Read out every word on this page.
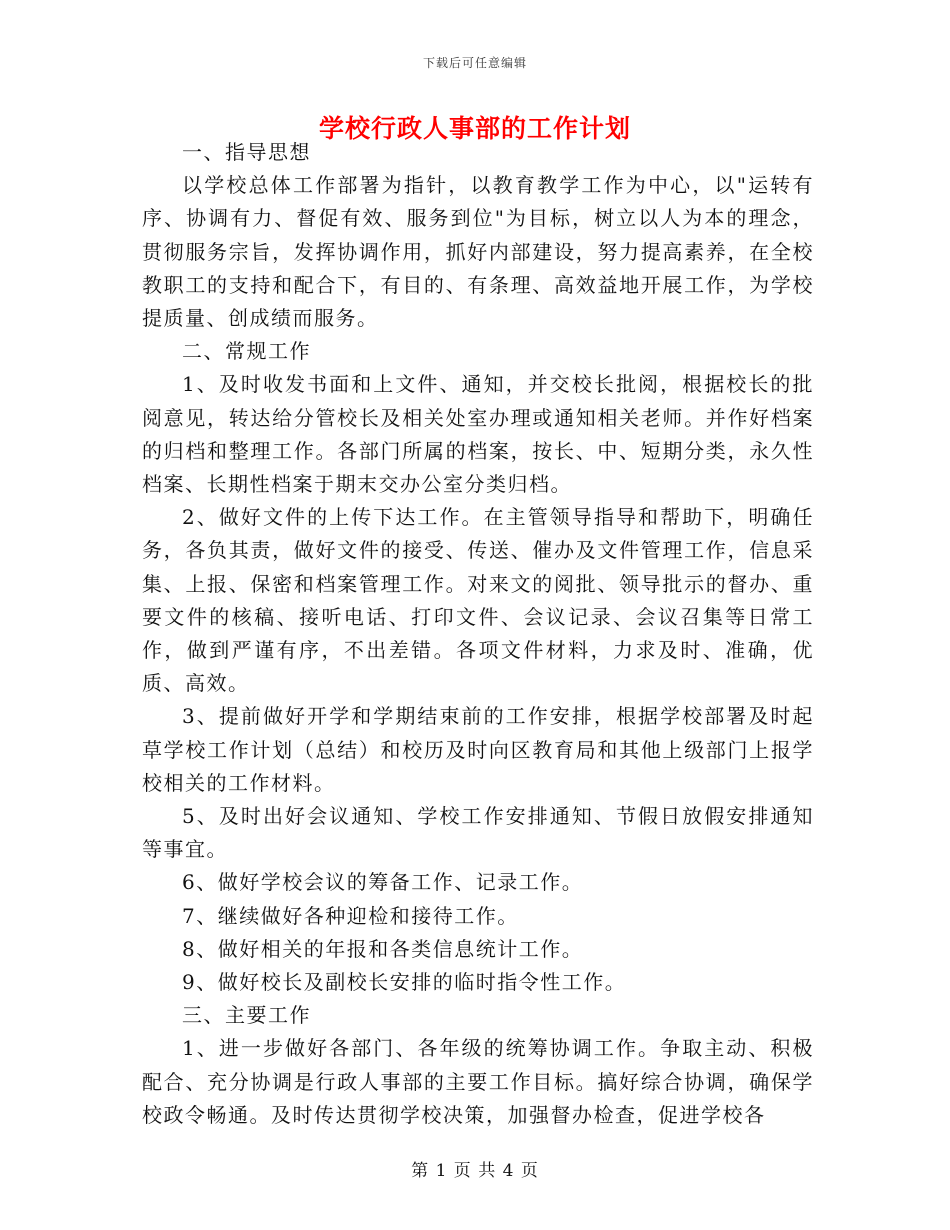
下载后可任意编辑
学校行政人事部的工作计划

一、指导思想

以学校总体工作部署为指针，以教育教学工作为中心，以"运转有序、协调有力、督促有效、服务到位"为目标，树立以人为本的理念，贯彻服务宗旨，发挥协调作用，抓好内部建设，努力提高素养，在全校教职工的支持和配合下，有目的、有条理、高效益地开展工作，为学校提质量、创成绩而服务。

二、常规工作

1、及时收发书面和上文件、通知，并交校长批阅，根据校长的批阅意见，转达给分管校长及相关处室办理或通知相关老师。并作好档案的归档和整理工作。各部门所属的档案，按长、中、短期分类，永久性档案、长期性档案于期末交办公室分类归档。

2、做好文件的上传下达工作。在主管领导指导和帮助下，明确任务，各负其责，做好文件的接受、传送、催办及文件管理工作，信息采集、上报、保密和档案管理工作。对来文的阅批、领导批示的督办、重要文件的核稿、接听电话、打印文件、会议记录、会议召集等日常工作，做到严谨有序，不出差错。各项文件材料，力求及时、准确，优质、高效。

3、提前做好开学和学期结束前的工作安排，根据学校部署及时起草学校工作计划（总结）和校历及时向区教育局和其他上级部门上报学校相关的工作材料。

5、及时出好会议通知、学校工作安排通知、节假日放假安排通知等事宜。

6、做好学校会议的筹备工作、记录工作。

7、继续做好各种迎检和接待工作。

8、做好相关的年报和各类信息统计工作。

9、做好校长及副校长安排的临时指令性工作。

三、主要工作

1、进一步做好各部门、各年级的统筹协调工作。争取主动、积极配合、充分协调是行政人事部的主要工作目标。搞好综合协调，确保学校政令畅通。及时传达贯彻学校决策，加强督办检查，促进学校各

第 1 页 共 4 页
